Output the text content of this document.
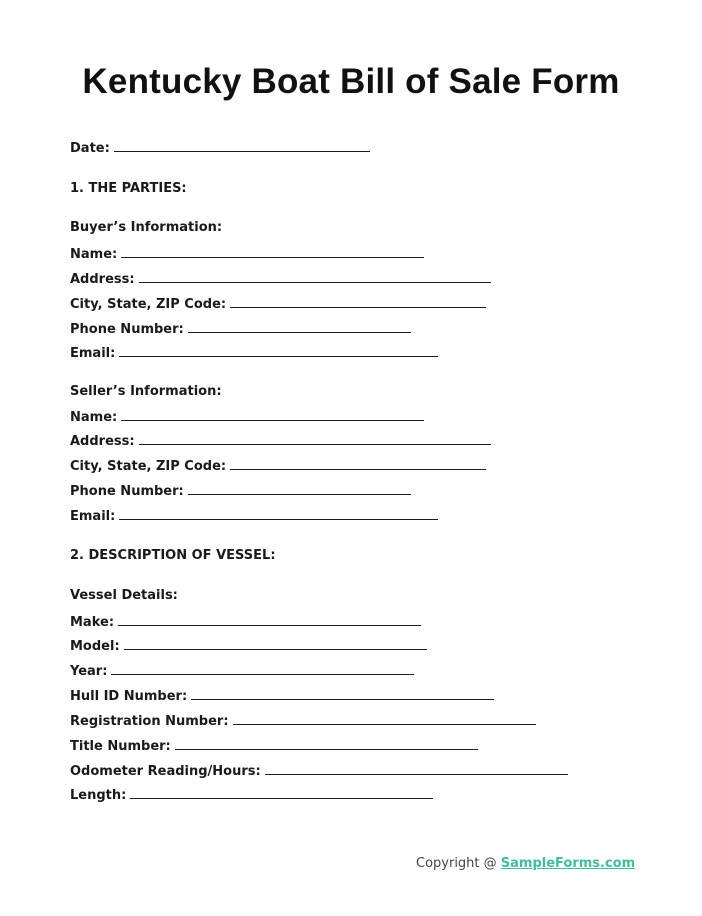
Kentucky Boat Bill of Sale Form
Date:
1. THE PARTIES:
Buyer’s Information:
Name:
Address:
City, State, ZIP Code:
Phone Number:
Email:
Seller’s Information:
Name:
Address:
City, State, ZIP Code:
Phone Number:
Email:
2. DESCRIPTION OF VESSEL:
Vessel Details:
Make:
Model:
Year:
Hull ID Number:
Registration Number:
Title Number:
Odometer Reading/Hours:
Length:
Copyright @ SampleForms.com
